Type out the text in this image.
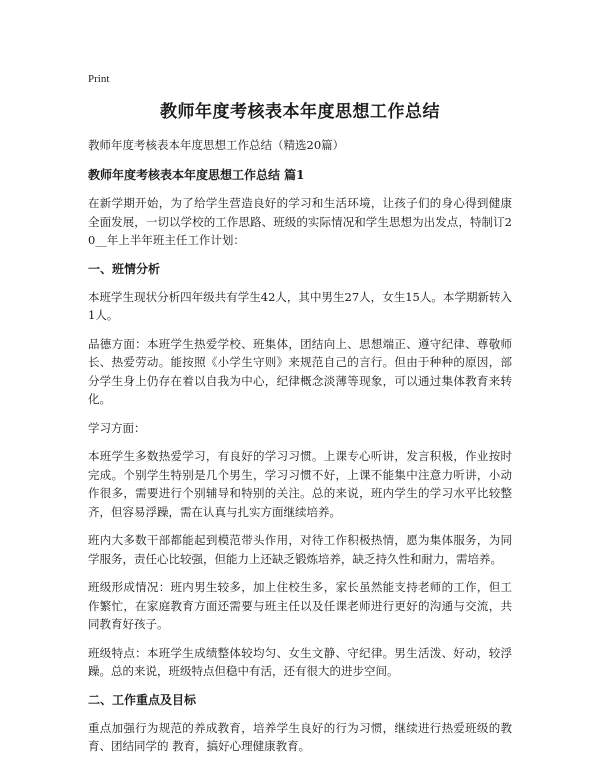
Print
教师年度考核表本年度思想工作总结

教师年度考核表本年度思想工作总结（精选20篇）

教师年度考核表本年度思想工作总结 篇1

在新学期开始，为了给学生营造良好的学习和生活环境，让孩子们的身心得到健康全面发展，一切以学校的工作思路、班级的实际情况和学生思想为出发点，特制订20__年上半年班主任工作计划：

一、班情分析

本班学生现状分析四年级共有学生42人，其中男生27人，女生15人。本学期新转入1人。

品德方面：本班学生热爱学校、班集体，团结向上、思想端正、遵守纪律、尊敬师长、热爱劳动。能按照《小学生守则》来规范自己的言行。但由于种种的原因，部分学生身上仍存在着以自我为中心，纪律概念淡薄等现象，可以通过集体教育来转化。

学习方面：

本班学生多数热爱学习，有良好的学习习惯。上课专心听讲，发言积极，作业按时完成。个别学生特别是几个男生，学习习惯不好，上课不能集中注意力听讲，小动作很多，需要进行个别辅导和特别的关注。总的来说，班内学生的学习水平比较整齐，但容易浮躁，需在认真与扎实方面继续培养。

班内大多数干部都能起到模范带头作用，对待工作积极热情，愿为集体服务，为同学服务，责任心比较强，但能力上还缺乏锻炼培养，缺乏持久性和耐力，需培养。

班级形成情况：班内男生较多，加上住校生多，家长虽然能支持老师的工作，但工作繁忙，在家庭教育方面还需要与班主任以及任课老师进行更好的沟通与交流，共同教育好孩子。

班级特点：本班学生成绩整体较均匀、女生文静、守纪律。男生活泼、好动，较浮躁。总的来说，班级特点但稳中有活，还有很大的进步空间。

二、工作重点及目标

重点加强行为规范的养成教育，培养学生良好的行为习惯，继续进行热爱班级的教育、团结同学的 教育，搞好心理健康教育。
